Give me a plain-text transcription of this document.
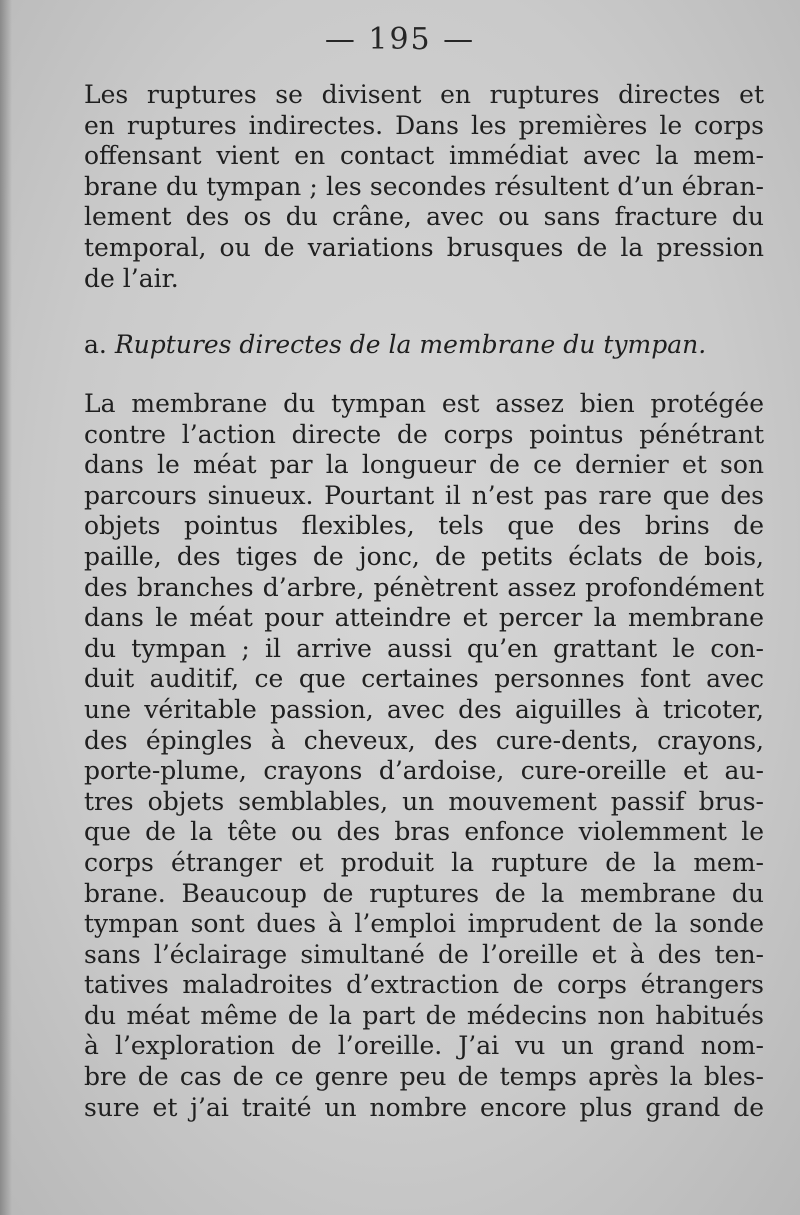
— 195 —
Les ruptures se divisent en ruptures directes et
en ruptures indirectes. Dans les premières le corps
offensant vient en contact immédiat avec la mem-
brane du tympan ; les secondes résultent d’un ébran-
lement des os du crâne, avec ou sans fracture du
temporal, ou de variations brusques de la pression
de l’air.
a. Ruptures directes de la membrane du tympan.
La membrane du tympan est assez bien protégée
contre l’action directe de corps pointus pénétrant
dans le méat par la longueur de ce dernier et son
parcours sinueux. Pourtant il n’est pas rare que des
objets pointus flexibles, tels que des brins de
paille, des tiges de jonc, de petits éclats de bois,
des branches d’arbre, pénètrent assez profondément
dans le méat pour atteindre et percer la membrane
du tympan ; il arrive aussi qu’en grattant le con-
duit auditif, ce que certaines personnes font avec
une véritable passion, avec des aiguilles à tricoter,
des épingles à cheveux, des cure-dents, crayons,
porte-plume, crayons d’ardoise, cure-oreille et au-
tres objets semblables, un mouvement passif brus-
que de la tête ou des bras enfonce violemment le
corps étranger et produit la rupture de la mem-
brane. Beaucoup de ruptures de la membrane du
tympan sont dues à l’emploi imprudent de la sonde
sans l’éclairage simultané de l’oreille et à des ten-
tatives maladroites d’extraction de corps étrangers
du méat même de la part de médecins non habitués
à l’exploration de l’oreille. J’ai vu un grand nom-
bre de cas de ce genre peu de temps après la bles-
sure et j’ai traité un nombre encore plus grand de
